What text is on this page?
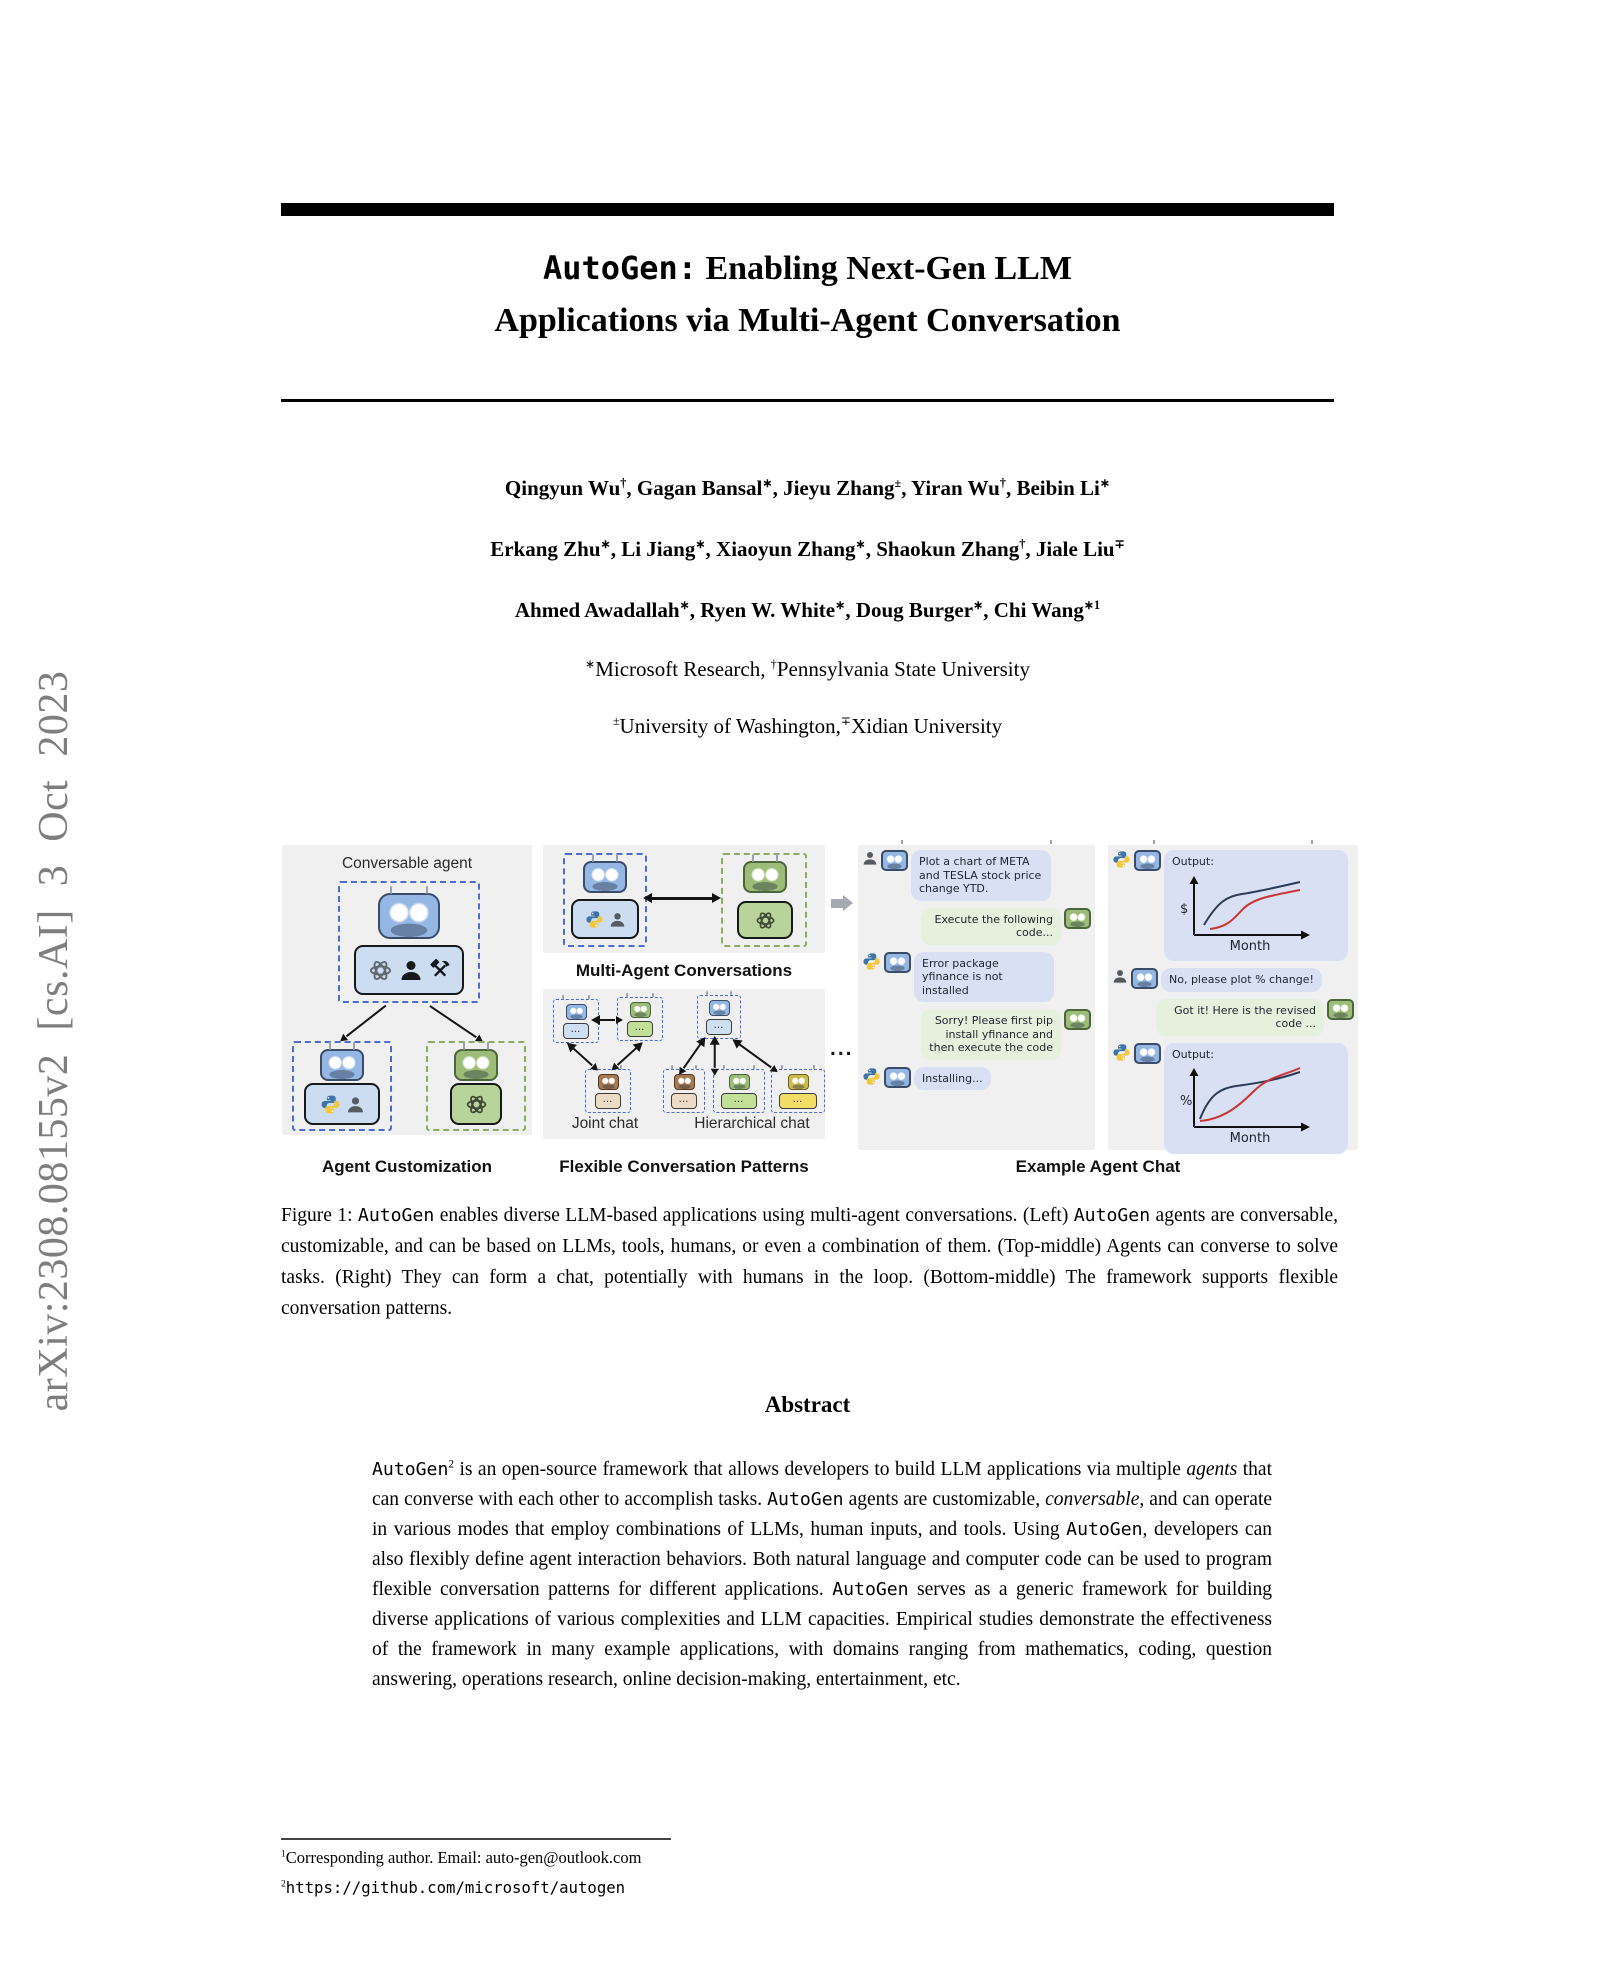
arXiv:2308.08155v2 [cs.AI] 3 Oct 2023
AutoGen: Enabling Next-Gen LLM
Applications via Multi-Agent Conversation
Qingyun Wu†, Gagan Bansal∗, Jieyu Zhang±, Yiran Wu†, Beibin Li∗
Erkang Zhu∗, Li Jiang∗, Xiaoyun Zhang∗, Shaokun Zhang†, Jiale Liu∓
Ahmed Awadallah∗, Ryen W. White∗, Doug Burger∗, Chi Wang$^{∗1}$
∗Microsoft Research, †Pennsylvania State University
±University of Washington,∓Xidian University
Conversable agent
Agent Customization
Multi-Agent Conversations
...	...
...
Joint chat
...
...	...	...
Hierarchical chat
...
Flexible Conversation Patterns
Plot a chart of META and TESLA stock price change YTD.
Execute the following code...
Error package yfinance is not installed
Sorry! Please first pip install yfinance and then execute the code
Installing...
Output:
$
Month
No, please plot % change!
Got it! Here is the revised code ...
Output:
%
Month
Example Agent Chat
Figure 1: AutoGen enables diverse LLM-based applications using multi-agent conversations. (Left) AutoGen agents are conversable, customizable, and can be based on LLMs, tools, humans, or even a combination of them. (Top-middle) Agents can converse to solve tasks. (Right) They can form a chat, potentially with humans in the loop. (Bottom-middle) The framework supports flexible conversation patterns.
Abstract
AutoGen$^2$ is an open-source framework that allows developers to build LLM applications via multiple agents that can converse with each other to accomplish tasks. AutoGen agents are customizable, conversable, and can operate in various modes that employ combinations of LLMs, human inputs, and tools. Using AutoGen, developers can also flexibly define agent interaction behaviors. Both natural language and computer code can be used to program flexible conversation patterns for different applications. AutoGen serves as a generic framework for building diverse applications of various complexities and LLM capacities. Empirical studies demonstrate the effectiveness of the framework in many example applications, with domains ranging from mathematics, coding, question answering, operations research, online decision-making, entertainment, etc.
$^1$Corresponding author. Email: auto-gen@outlook.com
$^2$https://github.com/microsoft/autogen
